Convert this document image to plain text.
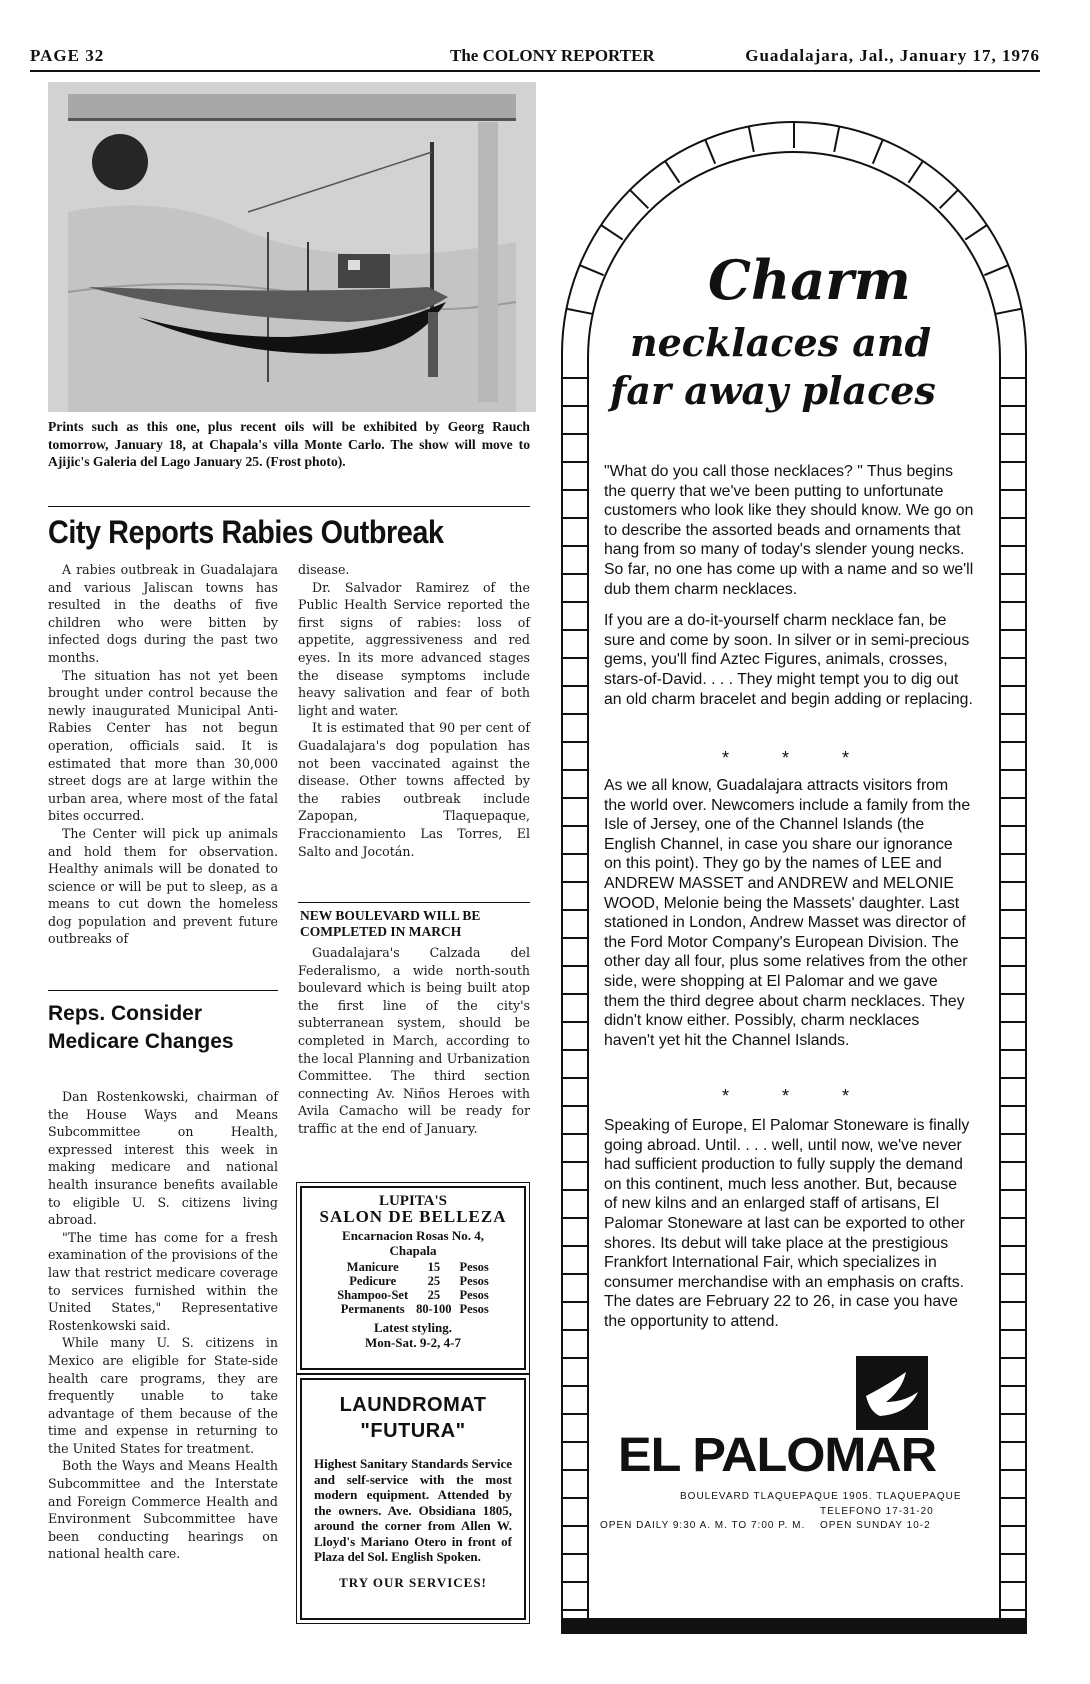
PAGE 32	The COLONY REPORTER	Guadalajara, Jal., January 17, 1976
Prints such as this one, plus recent oils will be exhibited by Georg Rauch tomorrow, January 18, at Chapala's villa Monte Carlo. The show will move to Ajijic's Galeria del Lago January 25. (Frost photo).
City Reports Rabies Outbreak

A rabies outbreak in Guadalajara and various Jaliscan towns has resulted in the deaths of five children who were bitten by infected dogs during the past two months.

The situation has not yet been brought under control because the newly inaugurated Municipal Anti-Rabies Center has not begun operation, officials said. It is estimated that more than 30,000 street dogs are at large within the urban area, where most of the fatal bites occurred.

The Center will pick up animals and hold them for observation. Healthy animals will be donated to science or will be put to sleep, as a means to cut down the homeless dog population and prevent future outbreaks of

disease.

Dr. Salvador Ramirez of the Public Health Service reported the first signs of rabies: loss of appetite, aggressiveness and red eyes. In its more advanced stages the disease symptoms include heavy salivation and fear of both light and water.

It is estimated that 90 per cent of Guadalajara's dog population has not been vaccinated against the disease. Other towns affected by the rabies outbreak include Zapopan, Tlaquepaque, Fraccionamiento Las Torres, El Salto and Jocotán.

NEW BOULEVARD WILL BE COMPLETED IN MARCH

Guadalajara's Calzada del Federalismo, a wide north-south boulevard which is being built atop the first line of the city's subterranean system, should be completed in March, according to the local Planning and Urbanization Committee. The third section connecting Av. Niños Heroes with Avila Camacho will be ready for traffic at the end of January.

Reps. Consider
Medicare Changes

Dan Rostenkowski, chairman of the House Ways and Means Subcommittee on Health, expressed interest this week in making medicare and national health insurance benefits available to eligible U. S. citizens living abroad.

"The time has come for a fresh examination of the provisions of the law that restrict medicare coverage to services furnished within the United States," Representative Rostenkowski said.

While many U. S. citizens in Mexico are eligible for State-side health care programs, they are frequently unable to take advantage of them because of the time and expense in returning to the United States for treatment.

Both the Ways and Means Health Subcommittee and the Interstate and Foreign Commerce Health and Environment Subcommittee have been conducting hearings on national health care.

LUPITA'S
SALON DE BELLEZA
Encarnacion Rosas No. 4,
Chapala
Manicure	15	Pesos
Pedicure	25	Pesos
Shampoo-Set	25	Pesos
Permanents	80-100	Pesos
Latest styling.
Mon-Sat. 9-2, 4-7
LAUNDROMAT
"FUTURA"
Highest Sanitary Standards Service and self-service with the most modern equipment. Attended by the owners. Ave. Obsidiana 1805, around the corner from Allen W. Lloyd's Mariano Otero in front of Plaza del Sol. English Spoken.
TRY OUR SERVICES!
Charm
necklaces and
far away places

"What do you call those necklaces? " Thus begins the querry that we've been putting to unfortunate customers who look like they should know. We go on to describe the assorted beads and ornaments that hang from so many of today's slender young necks. So far, no one has come up with a name and so we'll dub them charm necklaces.

If you are a do-it-yourself charm necklace fan, be sure and come by soon. In silver or in semi-precious gems, you'll find Aztec Figures, animals, crosses, stars-of-David. . . . They might tempt you to dig out an old charm bracelet and begin adding or replacing.

* * *

As we all know, Guadalajara attracts visitors from the world over. Newcomers include a family from the Isle of Jersey, one of the Channel Islands (the English Channel, in case you share our ignorance on this point). They go by the names of LEE and ANDREW MASSET and ANDREW and MELONIE WOOD, Melonie being the Massets' daughter. Last stationed in London, Andrew Masset was director of the Ford Motor Company's European Division. The other day all four, plus some relatives from the other side, were shopping at El Palomar and we gave them the third degree about charm necklaces. They didn't know either. Possibly, charm necklaces haven't yet hit the Channel Islands.

* * *

Speaking of Europe, El Palomar Stoneware is finally going abroad. Until. . . . well, until now, we've never had sufficient production to fully supply the demand on this continent, much less another. But, because of new kilns and an enlarged staff of artisans, El Palomar Stoneware at last can be exported to other shores. Its debut will take place at the prestigious Frankfort International Fair, which specializes in consumer merchandise with an emphasis on crafts. The dates are February 22 to 26, in case you have the opportunity to attend.

EL PALOMAR
BOULEVARD TLAQUEPAQUE 1905. TLAQUEPAQUE
TELEFONO 17-31-20
OPEN DAILY 9:30 A. M. TO 7:00 P. M. OPEN SUNDAY 10-2
